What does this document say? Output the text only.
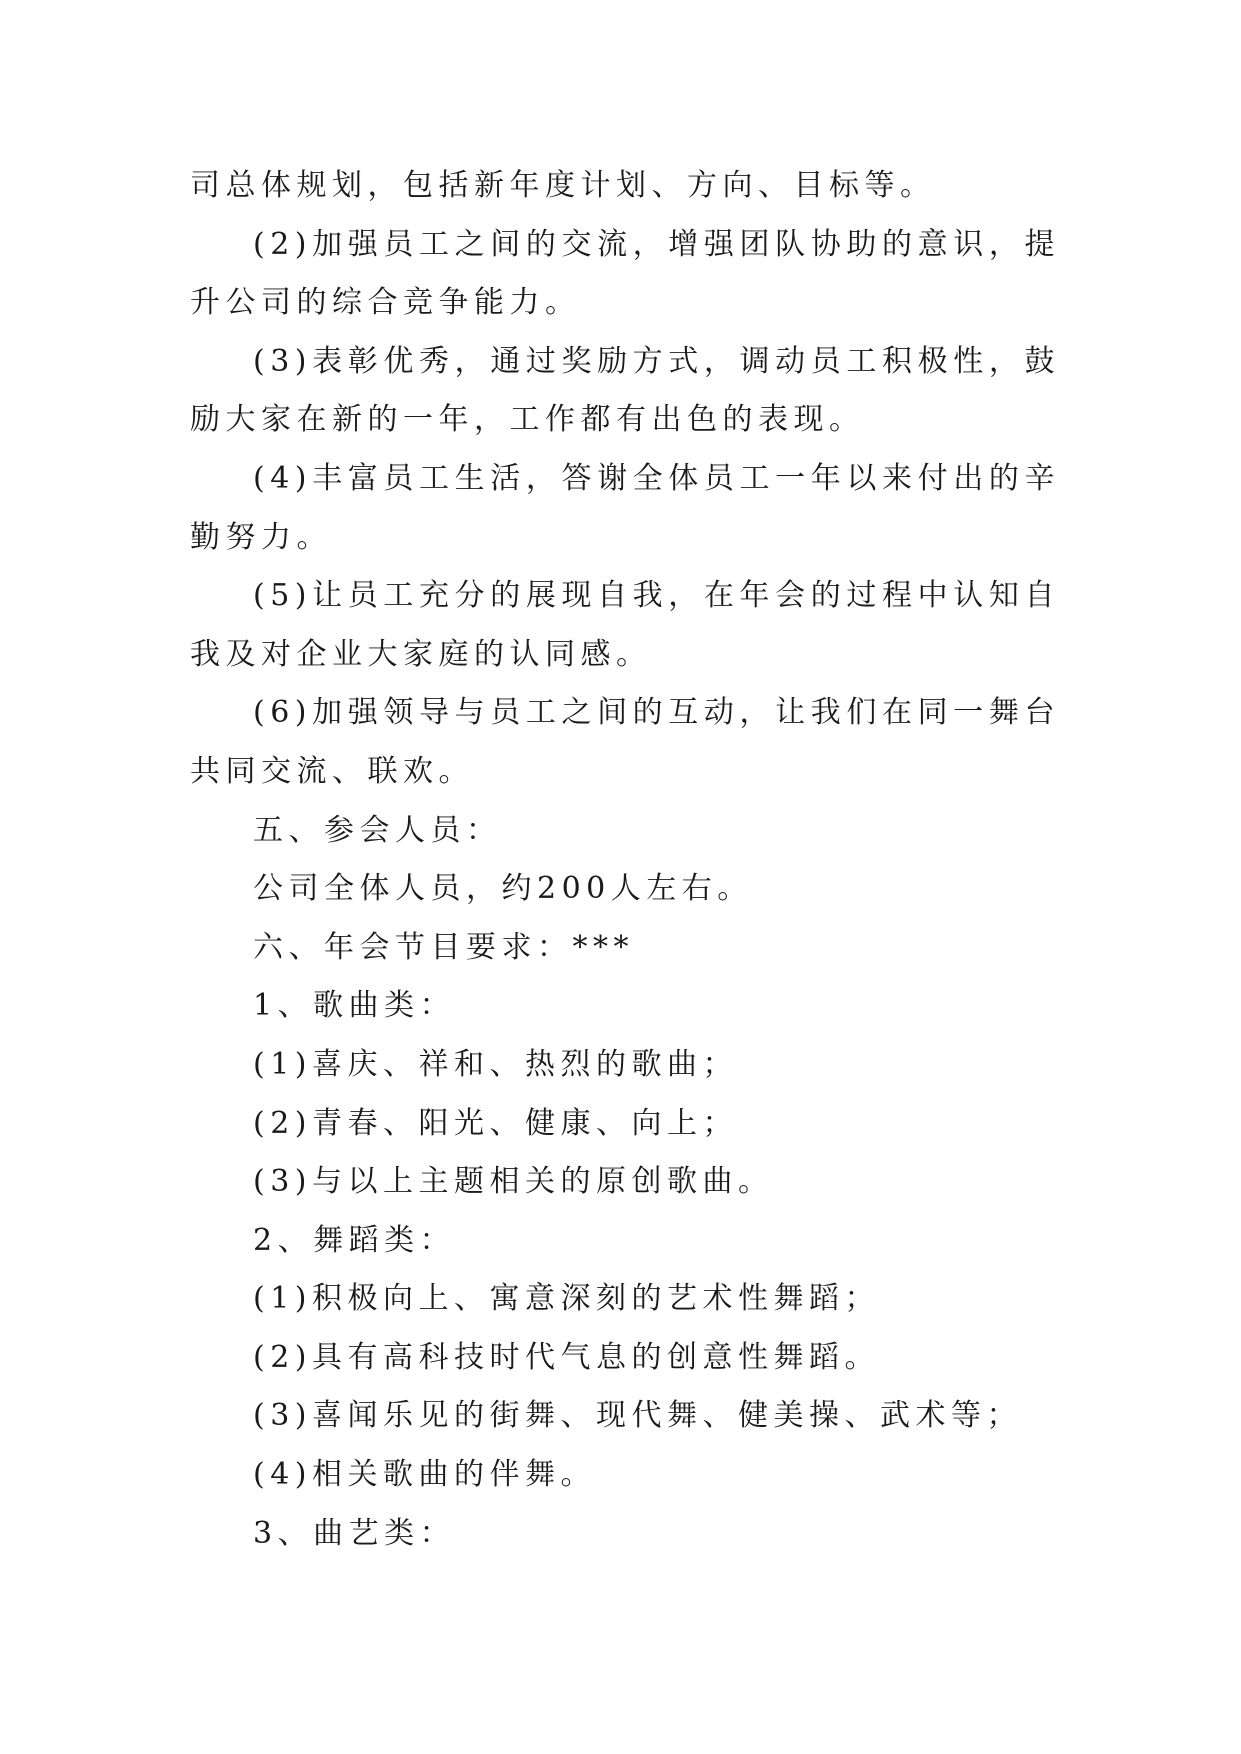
司总体规划，包括新年度计划、方向、目标等。

(2)加强员工之间的交流，增强团队协助的意识，提升公司的综合竞争能力。

(3)表彰优秀，通过奖励方式，调动员工积极性，鼓励大家在新的一年，工作都有出色的表现。

(4)丰富员工生活，答谢全体员工一年以来付出的辛勤努力。

(5)让员工充分的展现自我，在年会的过程中认知自我及对企业大家庭的认同感。

(6)加强领导与员工之间的互动，让我们在同一舞台共同交流、联欢。

五、参会人员：

公司全体人员，约200人左右。

六、年会节目要求：***

1、歌曲类：

(1)喜庆、祥和、热烈的歌曲；

(2)青春、阳光、健康、向上；

(3)与以上主题相关的原创歌曲。

2、舞蹈类：

(1)积极向上、寓意深刻的艺术性舞蹈；

(2)具有高科技时代气息的创意性舞蹈。

(3)喜闻乐见的街舞、现代舞、健美操、武术等；

(4)相关歌曲的伴舞。

3、曲艺类：
